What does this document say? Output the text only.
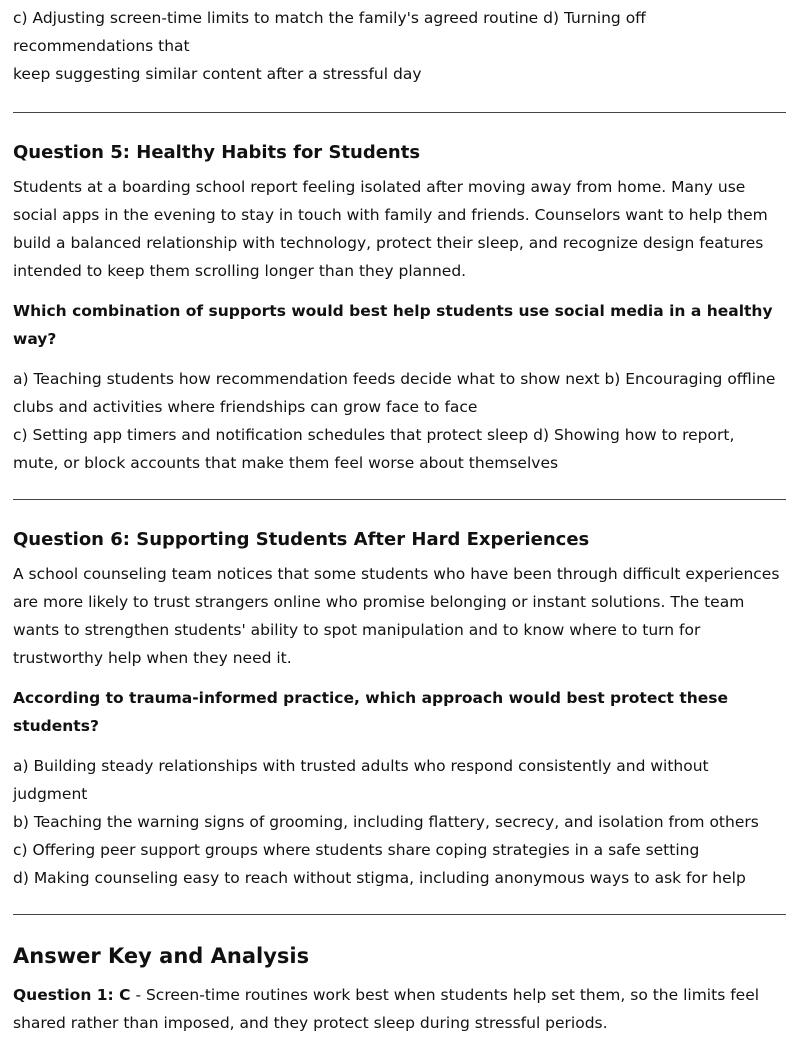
c) Adjusting screen-time limits to match the family's agreed routine d) Turning off recommendations that

keep suggesting similar content after a stressful day

Question 5: Healthy Habits for Students

Students at a boarding school report feeling isolated after moving away from home. Many use social apps in the evening to stay in touch with family and friends. Counselors want to help them build a balanced relationship with technology, protect their sleep, and recognize design features intended to keep them scrolling longer than they planned.

Which combination of supports would best help students use social media in a healthy way?

a) Teaching students how recommendation feeds decide what to show next b) Encouraging offline

clubs and activities where friendships can grow face to face

c) Setting app timers and notification schedules that protect sleep d) Showing how to report,

mute, or block accounts that make them feel worse about themselves

Question 6: Supporting Students After Hard Experiences

A school counseling team notices that some students who have been through difficult experiences are more likely to trust strangers online who promise belonging or instant solutions. The team wants to strengthen students' ability to spot manipulation and to know where to turn for trustworthy help when they need it.

According to trauma-informed practice, which approach would best protect these students?

a) Building steady relationships with trusted adults who respond consistently and without judgment

b) Teaching the warning signs of grooming, including flattery, secrecy, and isolation from others

c) Offering peer support groups where students share coping strategies in a safe setting

d) Making counseling easy to reach without stigma, including anonymous ways to ask for help

Answer Key and Analysis

Question 1: C - Screen-time routines work best when students help set them, so the limits feel shared rather than imposed, and they protect sleep during stressful periods.
